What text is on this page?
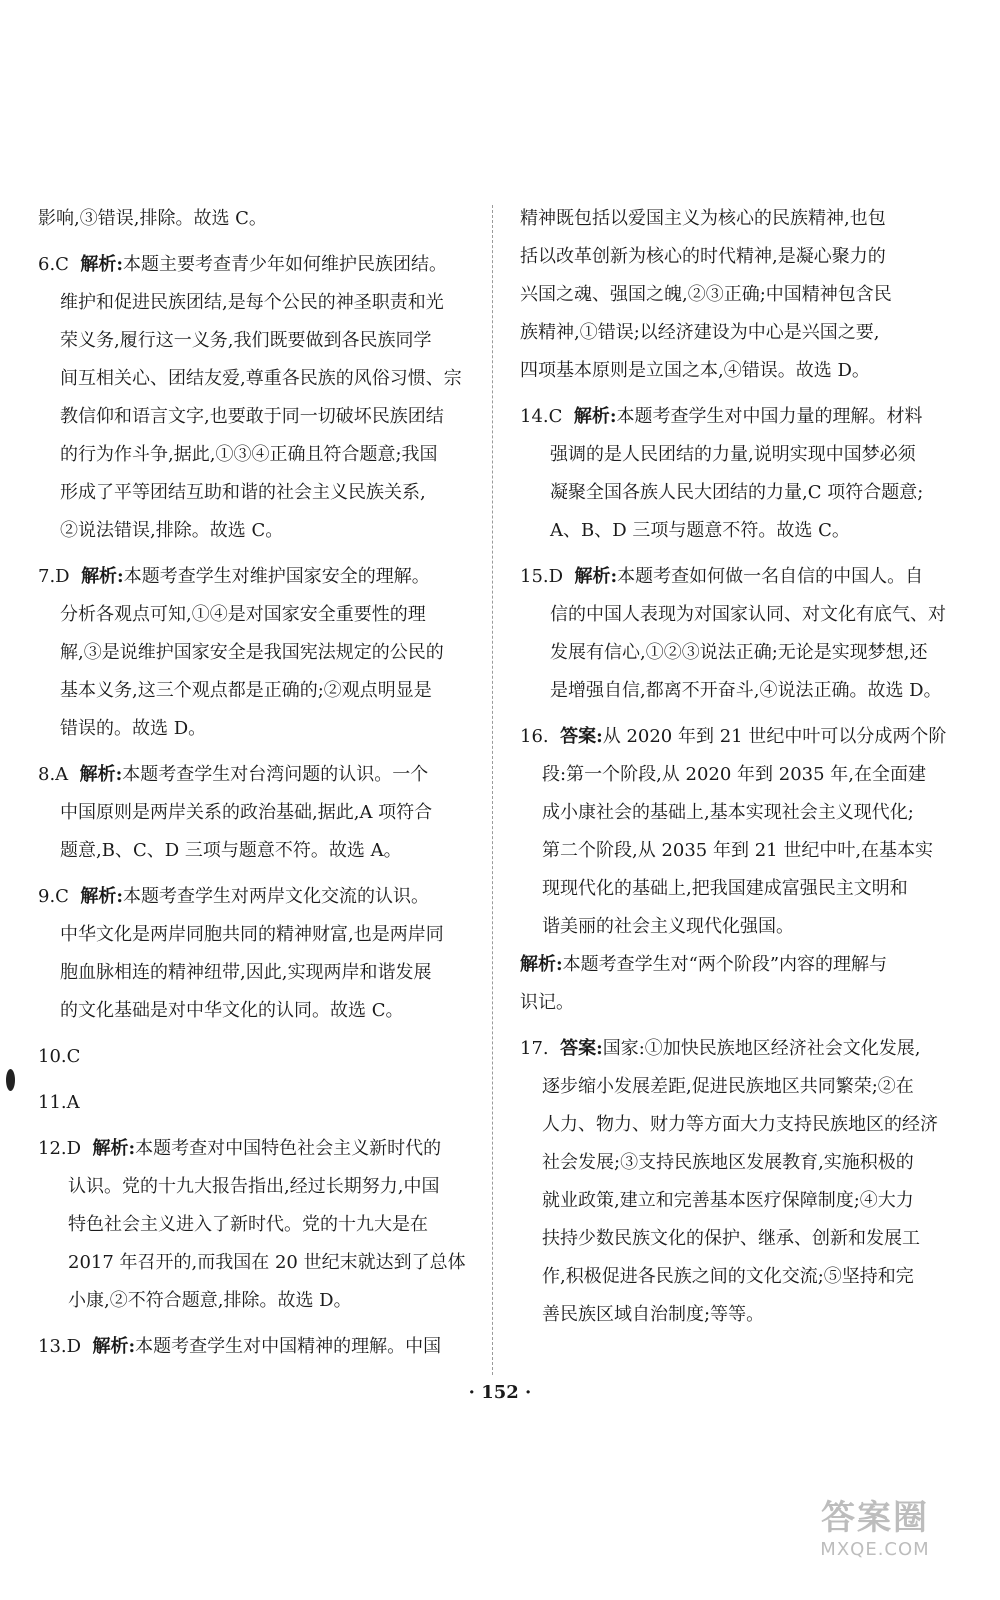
影响,③错误,排除。故选 C。
6.C  解析:本题主要考查青少年如何维护民族团结。
维护和促进民族团结,是每个公民的神圣职责和光
荣义务,履行这一义务,我们既要做到各民族同学
间互相关心、团结友爱,尊重各民族的风俗习惯、宗
教信仰和语言文字,也要敢于同一切破坏民族团结
的行为作斗争,据此,①③④正确且符合题意;我国
形成了平等团结互助和谐的社会主义民族关系,
②说法错误,排除。故选 C。
7.D  解析:本题考查学生对维护国家安全的理解。
分析各观点可知,①④是对国家安全重要性的理
解,③是说维护国家安全是我国宪法规定的公民的
基本义务,这三个观点都是正确的;②观点明显是
错误的。故选 D。
8.A  解析:本题考查学生对台湾问题的认识。一个
中国原则是两岸关系的政治基础,据此,A 项符合
题意,B、C、D 三项与题意不符。故选 A。
9.C  解析:本题考查学生对两岸文化交流的认识。
中华文化是两岸同胞共同的精神财富,也是两岸同
胞血脉相连的精神纽带,因此,实现两岸和谐发展
的文化基础是对中华文化的认同。故选 C。
10.C
11.A
12.D  解析:本题考查对中国特色社会主义新时代的
认识。党的十九大报告指出,经过长期努力,中国
特色社会主义进入了新时代。党的十九大是在
2017 年召开的,而我国在 20 世纪末就达到了总体
小康,②不符合题意,排除。故选 D。
13.D  解析:本题考查学生对中国精神的理解。中国
精神既包括以爱国主义为核心的民族精神,也包
括以改革创新为核心的时代精神,是凝心聚力的
兴国之魂、强国之魄,②③正确;中国精神包含民
族精神,①错误;以经济建设为中心是兴国之要,
四项基本原则是立国之本,④错误。故选 D。
14.C  解析:本题考查学生对中国力量的理解。材料
强调的是人民团结的力量,说明实现中国梦必须
凝聚全国各族人民大团结的力量,C 项符合题意;
A、B、D 三项与题意不符。故选 C。
15.D  解析:本题考查如何做一名自信的中国人。自
信的中国人表现为对国家认同、对文化有底气、对
发展有信心,①②③说法正确;无论是实现梦想,还
是增强自信,都离不开奋斗,④说法正确。故选 D。
16.  答案:从 2020 年到 21 世纪中叶可以分成两个阶
段:第一个阶段,从 2020 年到 2035 年,在全面建
成小康社会的基础上,基本实现社会主义现代化;
第二个阶段,从 2035 年到 21 世纪中叶,在基本实
现现代化的基础上,把我国建成富强民主文明和
谐美丽的社会主义现代化强国。
解析:本题考查学生对“两个阶段”内容的理解与
识记。
17.  答案:国家:①加快民族地区经济社会文化发展,
逐步缩小发展差距,促进民族地区共同繁荣;②在
人力、物力、财力等方面大力支持民族地区的经济
社会发展;③支持民族地区发展教育,实施积极的
就业政策,建立和完善基本医疗保障制度;④大力
扶持少数民族文化的保护、继承、创新和发展工
作,积极促进各民族之间的文化交流;⑤坚持和完
善民族区域自治制度;等等。
· 152 ·
答案圈
MXQE.COM
